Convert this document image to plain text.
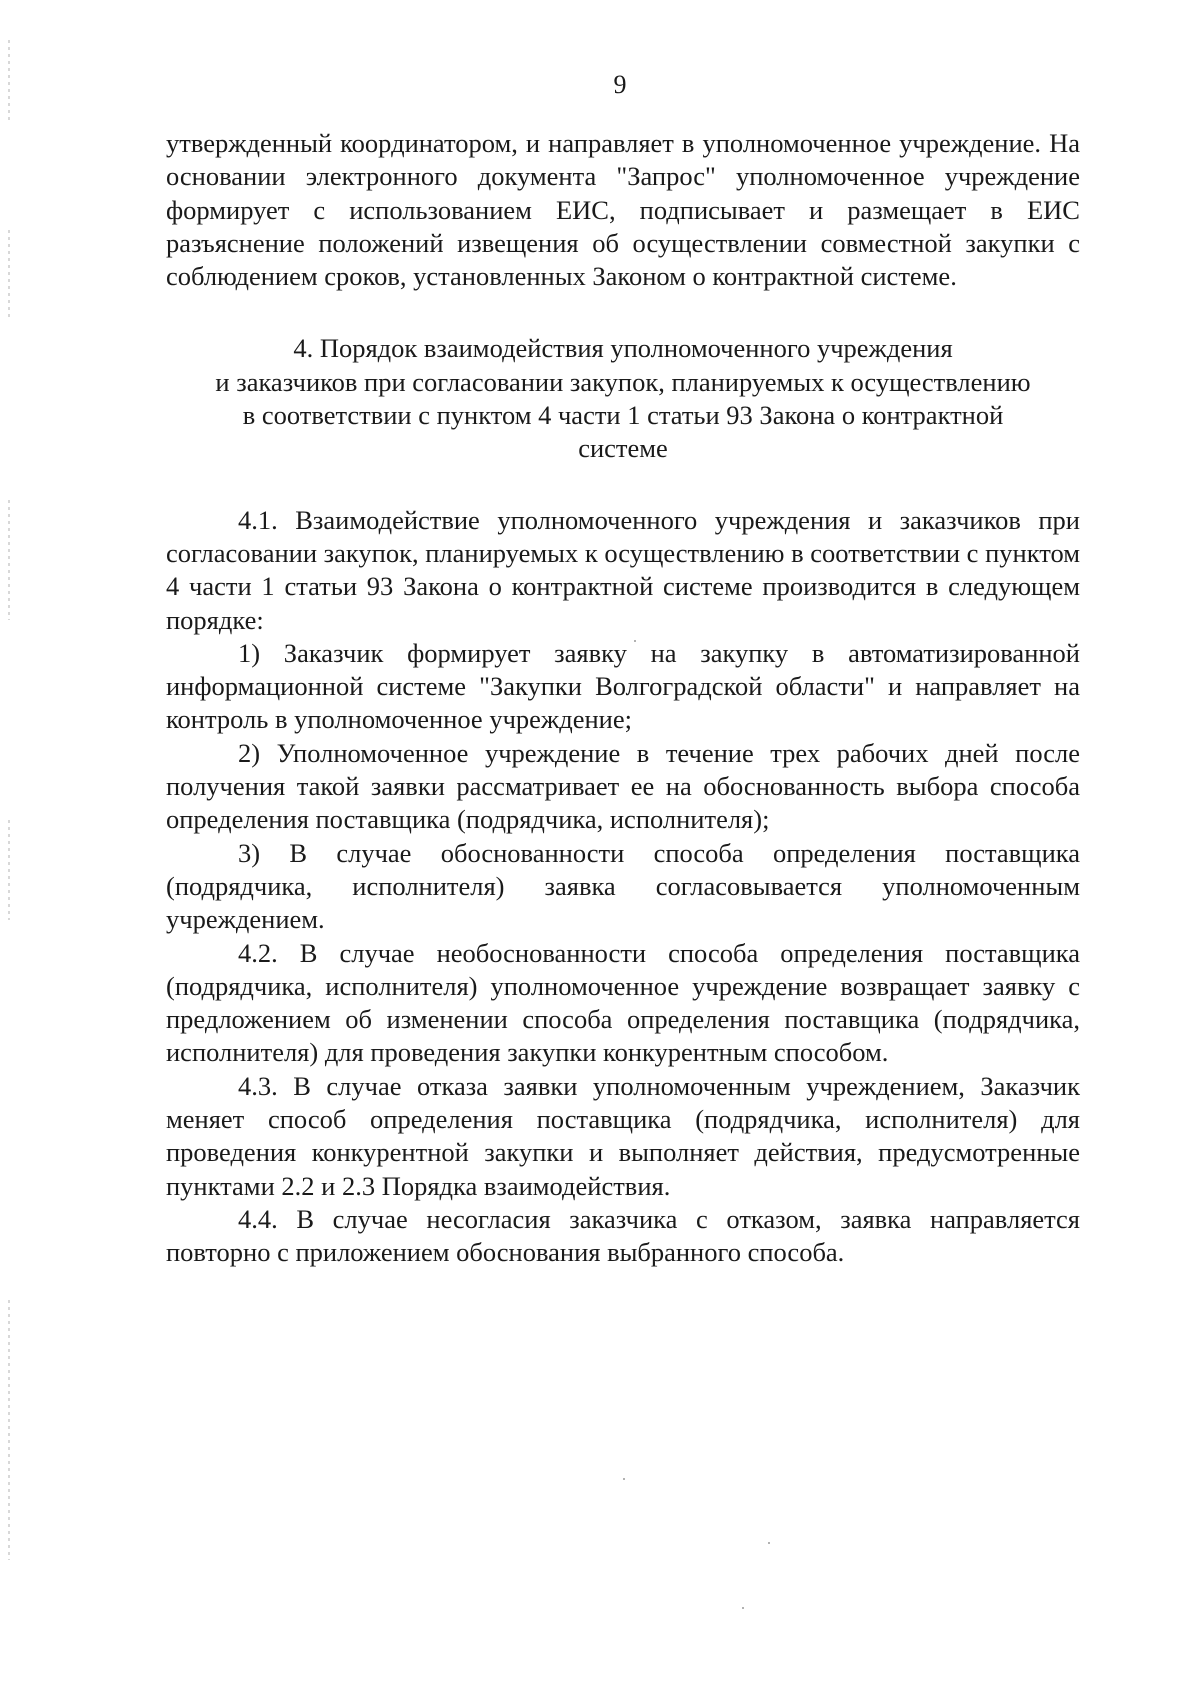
9

утвержденный координатором, и направляет в уполномоченное учреждение. На основании электронного документа "Запрос" уполномоченное учреждение формирует с использованием ЕИС, подписывает и размещает в ЕИС разъяснение положений извещения об осуществлении совместной закупки с соблюдением сроков, установленных Законом о контрактной системе.

4. Порядок взаимодействия уполномоченного учреждения
и заказчиков при согласовании закупок, планируемых к осуществлению
в соответствии с пунктом 4 части 1 статьи 93 Закона о контрактной
системе

4.1. Взаимодействие уполномоченного учреждения и заказчиков при согласовании закупок, планируемых к осуществлению в соответствии с пунктом 4 части 1 статьи 93 Закона о контрактной системе производится в следующем порядке:

1) Заказчик формирует заявку на закупку в автоматизированной информационной системе "Закупки Волгоградской области" и направляет на контроль в уполномоченное учреждение;

2) Уполномоченное учреждение в течение трех рабочих дней после получения такой заявки рассматривает ее на обоснованность выбора способа определения поставщика (подрядчика, исполнителя);

3) В случае обоснованности способа определения поставщика (подрядчика, исполнителя) заявка согласовывается уполномоченным учреждением.

4.2. В случае необоснованности способа определения поставщика (подрядчика, исполнителя) уполномоченное учреждение возвращает заявку с предложением об изменении способа определения поставщика (подрядчика, исполнителя) для проведения закупки конкурентным способом.

4.3. В случае отказа заявки уполномоченным учреждением, Заказчик меняет способ определения поставщика (подрядчика, исполнителя) для проведения конкурентной закупки и выполняет действия, предусмотренные пунктами 2.2 и 2.3 Порядка взаимодействия.

4.4. В случае несогласия заказчика с отказом, заявка направляется повторно с приложением обоснования выбранного способа.
